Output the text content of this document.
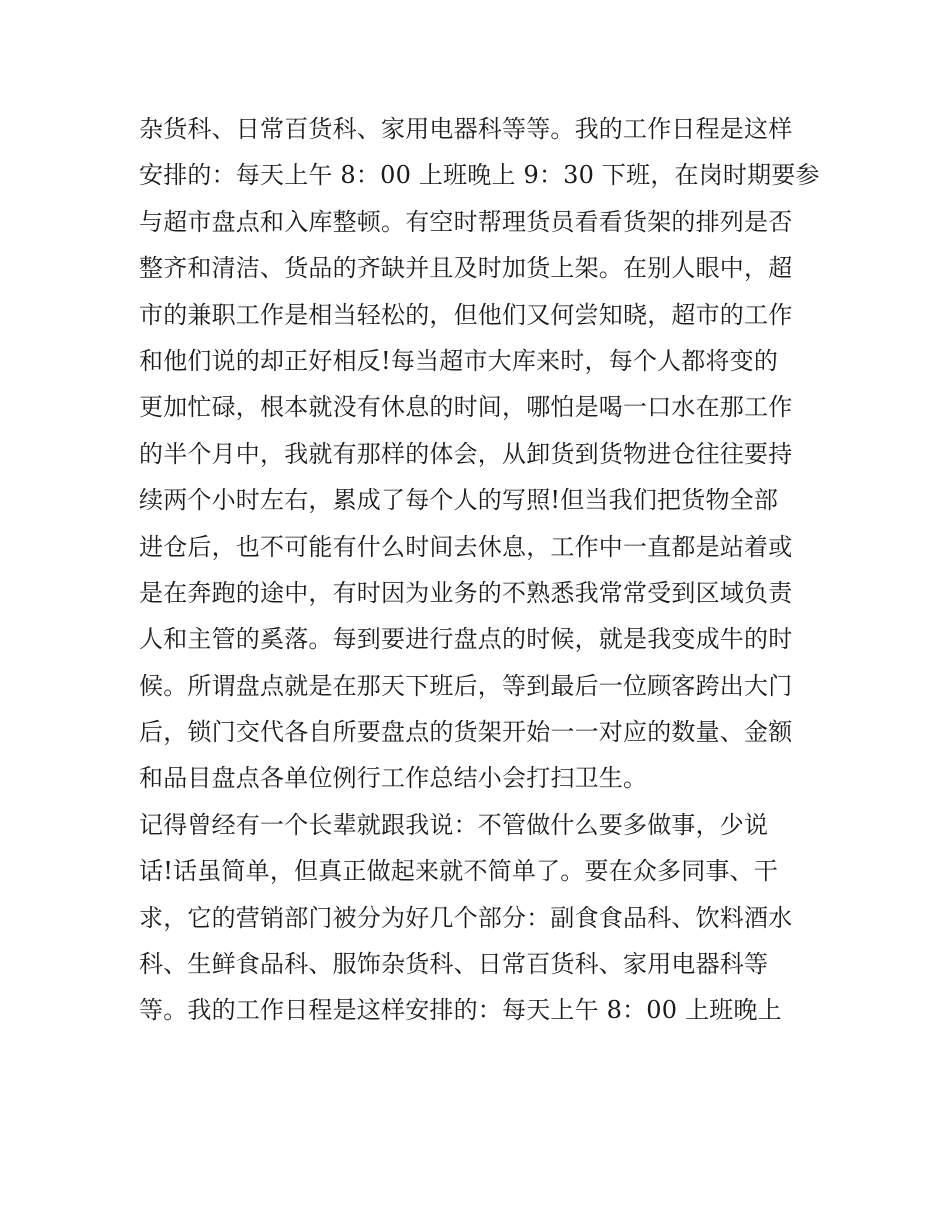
杂货科、日常百货科、家用电器科等等。我的工作日程是这样
安排的：每天上午 8：00 上班晚上 9：30 下班，在岗时期要参
与超市盘点和入库整顿。有空时帮理货员看看货架的排列是否
整齐和清洁、货品的齐缺并且及时加货上架。在别人眼中，超
市的兼职工作是相当轻松的，但他们又何尝知晓，超市的工作
和他们说的却正好相反!每当超市大库来时，每个人都将变的
更加忙碌，根本就没有休息的时间，哪怕是喝一口水在那工作
的半个月中，我就有那样的体会，从卸货到货物进仓往往要持
续两个小时左右，累成了每个人的写照!但当我们把货物全部
进仓后，也不可能有什么时间去休息，工作中一直都是站着或
是在奔跑的途中，有时因为业务的不熟悉我常常受到区域负责
人和主管的奚落。每到要进行盘点的时候，就是我变成牛的时
候。所谓盘点就是在那天下班后，等到最后一位顾客跨出大门
后，锁门交代各自所要盘点的货架开始一一对应的数量、金额
和品目盘点各单位例行工作总结小会打扫卫生。
记得曾经有一个长辈就跟我说：不管做什么要多做事，少说
话!话虽简单，但真正做起来就不简单了。要在众多同事、干
求，它的营销部门被分为好几个部分：副食食品科、饮料酒水
科、生鲜食品科、服饰杂货科、日常百货科、家用电器科等
等。我的工作日程是这样安排的：每天上午 8：00 上班晚上
